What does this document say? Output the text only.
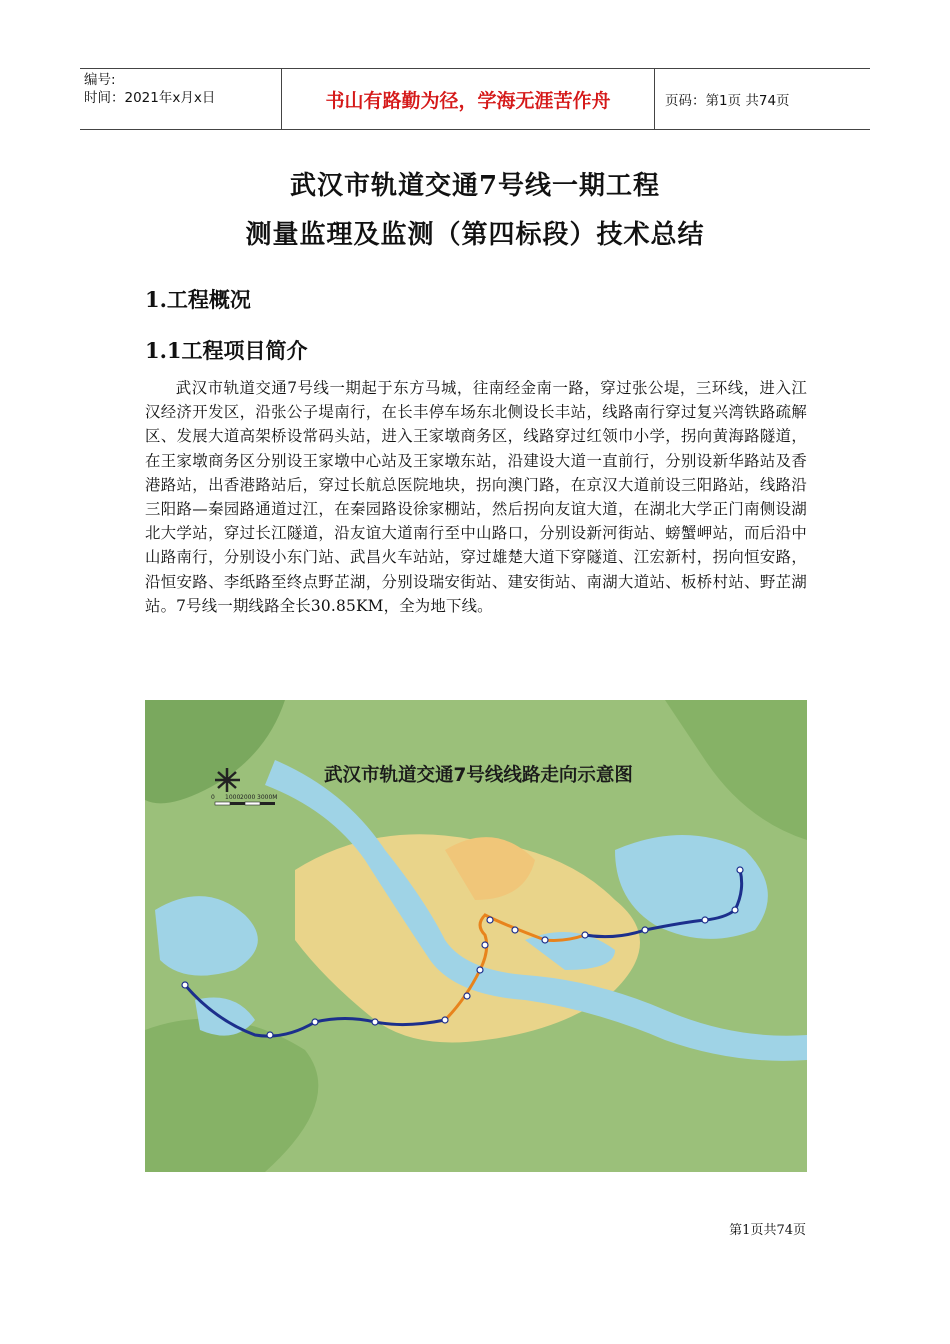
编号:
时间：2021年x月x日	书山有路勤为径，学海无涯苦作舟	页码：第1页 共74页
武汉市轨道交通7号线一期工程
测量监理及监测（第四标段）技术总结
1.工程概况
1.1工程项目简介
武汉市轨道交通7号线一期起于东方马城，往南经金南一路，穿过张公堤，三环线，进入江汉经济开发区，沿张公子堤南行，在长丰停车场东北侧设长丰站，线路南行穿过复兴湾铁路疏解区、发展大道高架桥设常码头站，进入王家墩商务区，线路穿过红领巾小学，拐向黄海路隧道，在王家墩商务区分别设王家墩中心站及王家墩东站，沿建设大道一直前行，分别设新华路站及香港路站，出香港路站后，穿过长航总医院地块，拐向澳门路，在京汉大道前设三阳路站，线路沿三阳路—秦园路通道过江，在秦园路设徐家棚站，然后拐向友谊大道，在湖北大学正门南侧设湖北大学站，穿过长江隧道，沿友谊大道南行至中山路口，分别设新河街站、螃蟹岬站，而后沿中山路南行，分别设小东门站、武昌火车站站，穿过雄楚大道下穿隧道、江宏新村，拐向恒安路，沿恒安路、李纸路至终点野芷湖，分别设瑞安街站、建安街站、南湖大道站、板桥村站、野芷湖站。7号线一期线路全长30.85KM，全为地下线。
0 1000 2000 3000M
武汉市轨道交通7号线线路走向示意图
第1页共74页
